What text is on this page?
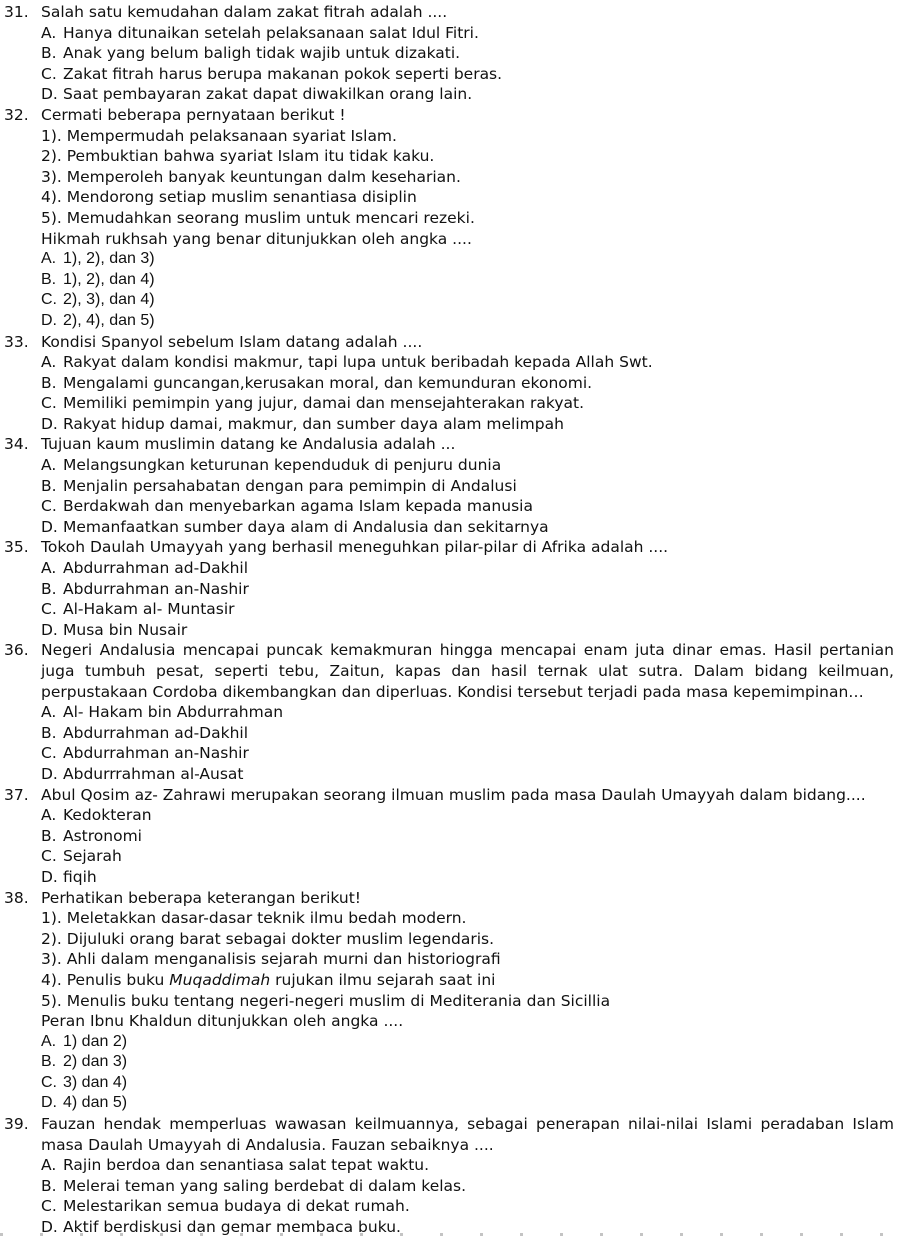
31. Salah satu kemudahan dalam zakat fitrah adalah ....
A. Hanya ditunaikan setelah pelaksanaan salat Idul Fitri.
B. Anak yang belum baligh tidak wajib untuk dizakati.
C. Zakat fitrah harus berupa makanan pokok seperti beras.
D. Saat pembayaran zakat dapat diwakilkan orang lain.
32. Cermati beberapa pernyataan berikut !
1). Mempermudah pelaksanaan syariat Islam.
2). Pembuktian bahwa syariat Islam itu tidak kaku.
3). Memperoleh banyak keuntungan dalm keseharian.
4). Mendorong setiap muslim senantiasa disiplin
5). Memudahkan seorang muslim untuk mencari rezeki.
Hikmah rukhsah yang benar ditunjukkan oleh angka ....
A. 1), 2), dan 3)
B. 1), 2), dan 4)
C. 2), 3), dan 4)
D. 2), 4), dan 5)
33. Kondisi Spanyol sebelum Islam datang adalah ....
A. Rakyat dalam kondisi makmur, tapi lupa untuk beribadah kepada Allah Swt.
B. Mengalami guncangan,kerusakan moral, dan kemunduran ekonomi.
C. Memiliki pemimpin yang jujur, damai dan mensejahterakan rakyat.
D. Rakyat hidup damai, makmur, dan sumber daya alam melimpah
34. Tujuan kaum muslimin datang ke Andalusia adalah ...
A. Melangsungkan keturunan kependuduk di penjuru dunia
B. Menjalin persahabatan dengan para pemimpin di Andalusi
C. Berdakwah dan menyebarkan agama Islam kepada manusia
D. Memanfaatkan sumber daya alam di Andalusia dan sekitarnya
35. Tokoh Daulah Umayyah yang berhasil meneguhkan pilar-pilar di Afrika adalah ....
A. Abdurrahman ad-Dakhil
B. Abdurrahman an-Nashir
C. Al-Hakam al- Muntasir
D. Musa bin Nusair
36. Negeri Andalusia mencapai puncak kemakmuran hingga mencapai enam juta dinar emas. Hasil pertanian
juga tumbuh pesat, seperti tebu, Zaitun, kapas dan hasil ternak ulat sutra. Dalam bidang keilmuan,
perpustakaan Cordoba dikembangkan dan diperluas. Kondisi tersebut terjadi pada masa kepemimpinan…
A. Al- Hakam bin Abdurrahman
B. Abdurrahman ad-Dakhil
C. Abdurrahman an-Nashir
D. Abdurrrahman al-Ausat
37. Abul Qosim az- Zahrawi merupakan seorang ilmuan muslim pada masa Daulah Umayyah dalam bidang....
A. Kedokteran
B. Astronomi
C. Sejarah
D. fiqih
38. Perhatikan beberapa keterangan berikut!
1). Meletakkan dasar-dasar teknik ilmu bedah modern.
2). Dijuluki orang barat sebagai dokter muslim legendaris.
3). Ahli dalam menganalisis sejarah murni dan historiografi
4). Penulis buku Muqaddimah rujukan ilmu sejarah saat ini
5). Menulis buku tentang negeri-negeri muslim di Mediterania dan Sicillia
Peran Ibnu Khaldun ditunjukkan oleh angka ....
A. 1) dan 2)
B. 2) dan 3)
C. 3) dan 4)
D. 4) dan 5)
39. Fauzan hendak memperluas wawasan keilmuannya, sebagai penerapan nilai-nilai Islami peradaban Islam
masa Daulah Umayyah di Andalusia. Fauzan sebaiknya ....
A. Rajin berdoa dan senantiasa salat tepat waktu.
B. Melerai teman yang saling berdebat di dalam kelas.
C. Melestarikan semua budaya di dekat rumah.
D. Aktif berdiskusi dan gemar membaca buku.
